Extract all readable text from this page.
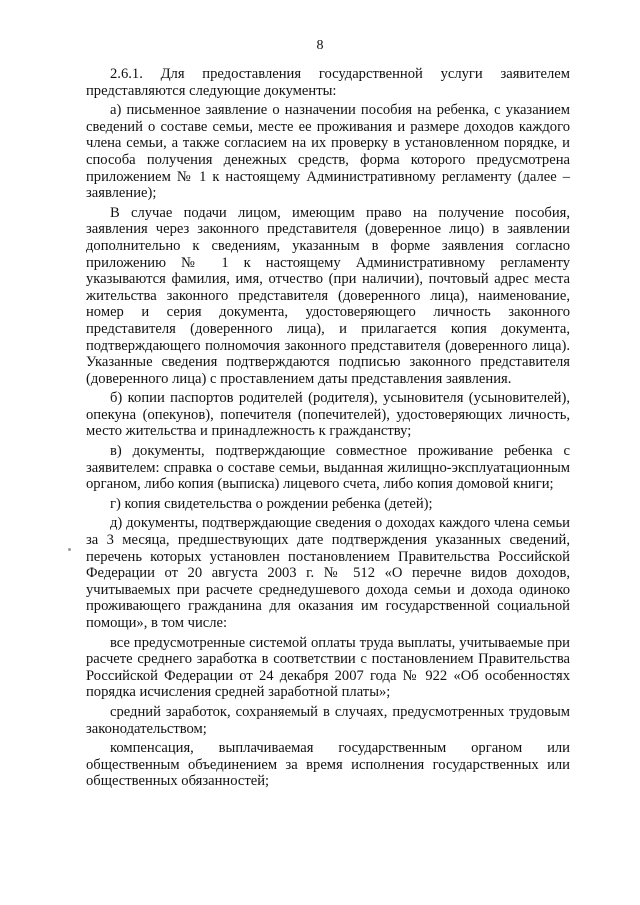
8

2.6.1. Для предоставления государственной услуги заявителем представляются следующие документы:

а) письменное заявление о назначении пособия на ребенка, с указанием сведений о составе семьи, месте ее проживания и размере доходов каждого члена семьи, а также согласием на их проверку в установленном порядке, и способа получения денежных средств, форма которого предусмотрена приложением № 1 к настоящему Административному регламенту (далее – заявление);

В случае подачи лицом, имеющим право на получение пособия, заявления через законного представителя (доверенное лицо) в заявлении дополнительно к сведениям, указанным в форме заявления согласно приложению № 1 к настоящему Административному регламенту указываются фамилия, имя, отчество (при наличии), почтовый адрес места жительства законного представителя (доверенного лица), наименование, номер и серия документа, удостоверяющего личность законного представителя (доверенного лица), и прилагается копия документа, подтверждающего полномочия законного представителя (доверенного лица). Указанные сведения подтверждаются подписью законного представителя (доверенного лица) с проставлением даты представления заявления.

б) копии паспортов родителей (родителя), усыновителя (усыновителей), опекуна (опекунов), попечителя (попечителей), удостоверяющих личность, место жительства и принадлежность к гражданству;

в) документы, подтверждающие совместное проживание ребенка с заявителем: справка о составе семьи, выданная жилищно-эксплуатационным органом, либо копия (выписка) лицевого счета, либо копия домовой книги;

г) копия свидетельства о рождении ребенка (детей);

д) документы, подтверждающие сведения о доходах каждого члена семьи за 3 месяца, предшествующих дате подтверждения указанных сведений, перечень которых установлен постановлением Правительства Российской Федерации от 20 августа 2003 г. № 512 «О перечне видов доходов, учитываемых при расчете среднедушевого дохода семьи и дохода одиноко проживающего гражданина для оказания им государственной социальной помощи», в том числе:

все предусмотренные системой оплаты труда выплаты, учитываемые при расчете среднего заработка в соответствии с постановлением Правительства Российской Федерации от 24 декабря 2007 года № 922 «Об особенностях порядка исчисления средней заработной платы»;

средний заработок, сохраняемый в случаях, предусмотренных трудовым законодательством;

компенсация, выплачиваемая государственным органом или общественным объединением за время исполнения государственных или общественных обязанностей;
